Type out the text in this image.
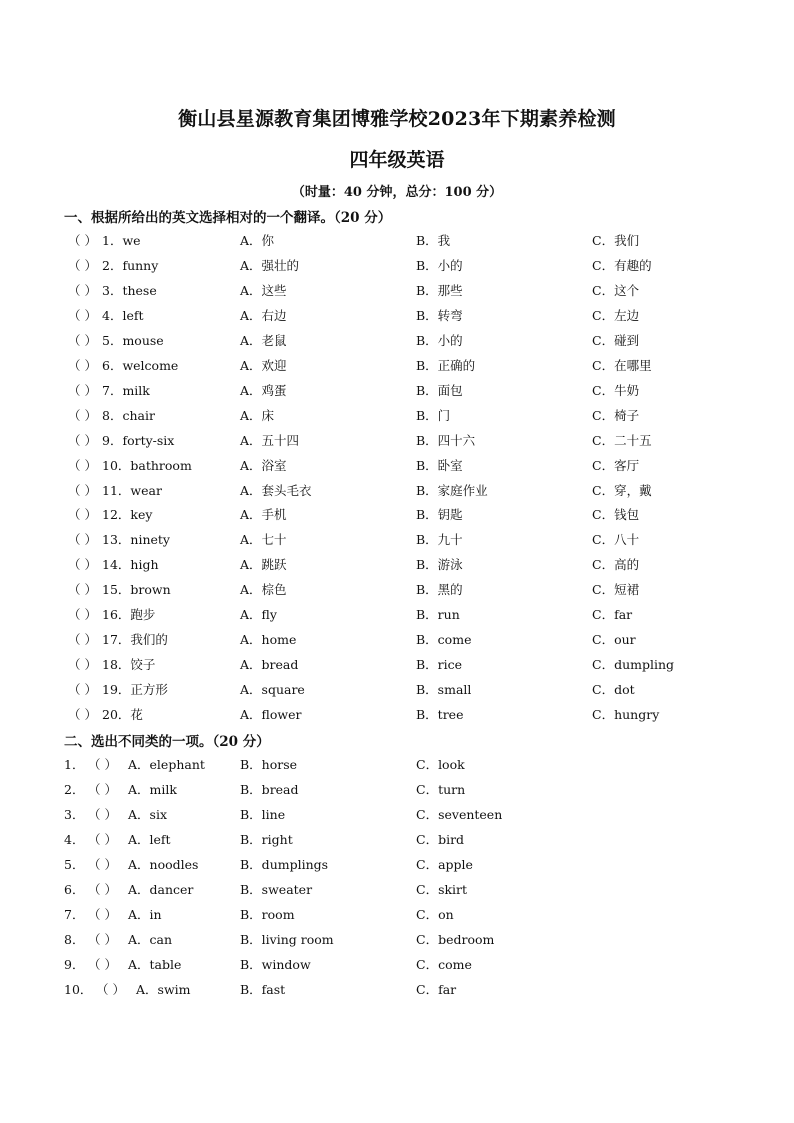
衡山县星源教育集团博雅学校2023年下期素养检测
四年级英语
（时量：40 分钟，总分：100 分）
一、根据所给出的英文选择相对的一个翻译。（20 分）
（ ） 1．we	A．你	B．我	C．我们
（ ） 2．funny	A．强壮的	B．小的	C．有趣的
（ ） 3．these	A．这些	B．那些	C．这个
（ ） 4．left	A．右边	B．转弯	C．左边
（ ） 5．mouse	A．老鼠	B．小的	C．碰到
（ ） 6．welcome	A．欢迎	B．正确的	C．在哪里
（ ） 7．milk	A．鸡蛋	B．面包	C．牛奶
（ ） 8．chair	A．床	B．门	C．椅子
（ ） 9．forty-six	A．五十四	B．四十六	C．二十五
（ ） 10．bathroom	A．浴室	B．卧室	C．客厅
（ ） 11．wear	A．套头毛衣	B．家庭作业	C．穿，戴
（ ） 12．key	A．手机	B．钥匙	C．钱包
（ ） 13．ninety	A．七十	B．九十	C．八十
（ ） 14．high	A．跳跃	B．游泳	C．高的
（ ） 15．brown	A．棕色	B．黑的	C．短裙
（ ） 16．跑步	A．fly	B．run	C．far
（ ） 17．我们的	A．home	B．come	C．our
（ ） 18．饺子	A．bread	B．rice	C．dumpling
（ ） 19．正方形	A．square	B．small	C．dot
（ ） 20．花	A．flower	B．tree	C．hungry
二、选出不同类的一项。（20 分）
1． （ ） A．elephant	B．horse	C．look
2． （ ） A．milk	B．bread	C．turn
3． （ ） A．six	B．line	C．seventeen
4． （ ） A．left	B．right	C．bird
5． （ ） A．noodles	B．dumplings	C．apple
6． （ ） A．dancer	B．sweater	C．skirt
7． （ ） A．in	B．room	C．on
8． （ ） A．can	B．living room	C．bedroom
9． （ ） A．table	B．window	C．come
10． （ ） A．swim	B．fast	C．far
